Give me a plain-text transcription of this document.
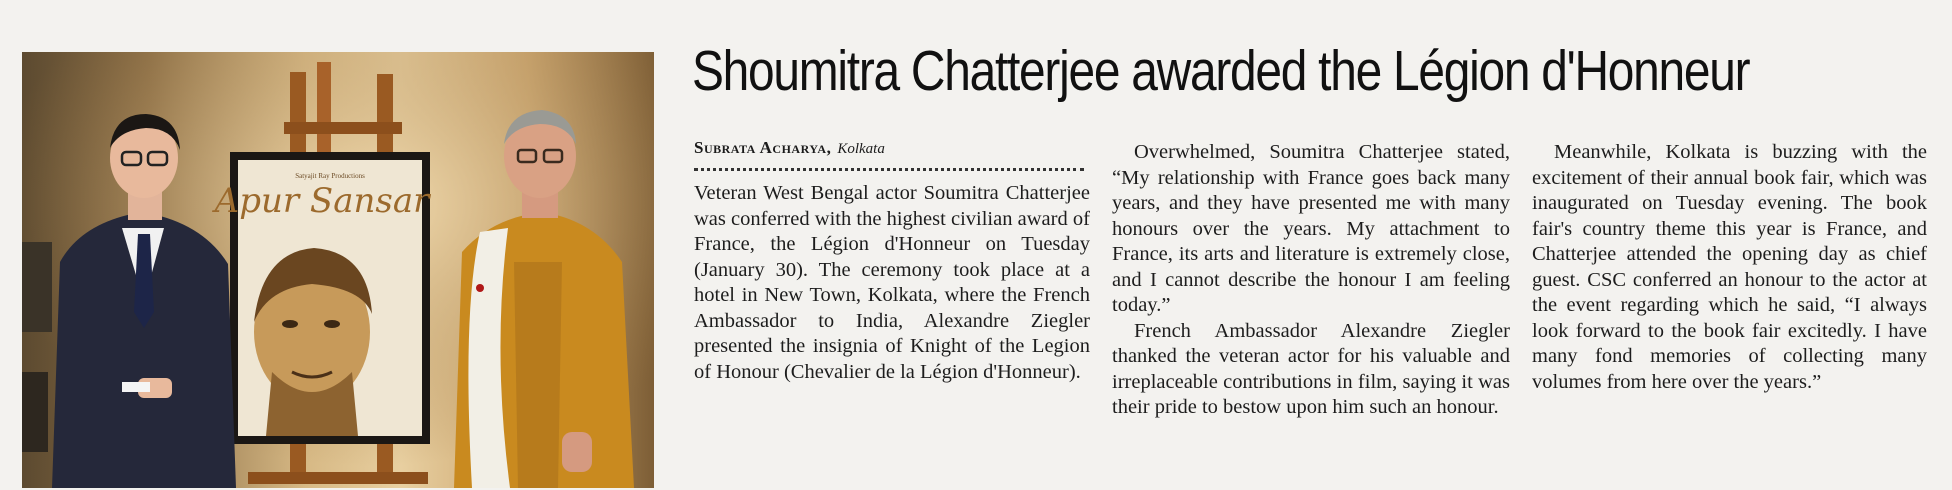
Satyajit Ray Productions
Apur Sansar
Shoumitra Chatterjee awarded the Légion d'Honneur
Subrata Acharya, Kolkata

Veteran West Bengal actor Soumitra Chatterjee was conferred with the highest civilian award of France, the Légion d'Honneur on Tuesday (January 30). The ceremony took place at a hotel in New Town, Kolkata, where the French Ambassador to India, Alexandre Ziegler presented the insignia of Knight of the Legion of Honour (Chevalier de la Légion d'Honneur).

Overwhelmed, Soumitra Chatterjee stated, “My relationship with France goes back many years, and they have presented me with many honours over the years. My attachment to France, its arts and literature is extremely close, and I cannot describe the honour I am feeling today.”

French Ambassador Alexandre Ziegler thanked the veteran actor for his valuable and irreplaceable contributions in film, saying it was their pride to bestow upon him such an honour.

Meanwhile, Kolkata is buzzing with the excitement of their annual book fair, which was inaugurated on Tuesday evening. The book fair's country theme this year is France, and Chatterjee attended the opening day as chief guest. CSC conferred an honour to the actor at the event regarding which he said, “I always look forward to the book fair excitedly. I have many fond memories of collecting many volumes from here over the years.”
